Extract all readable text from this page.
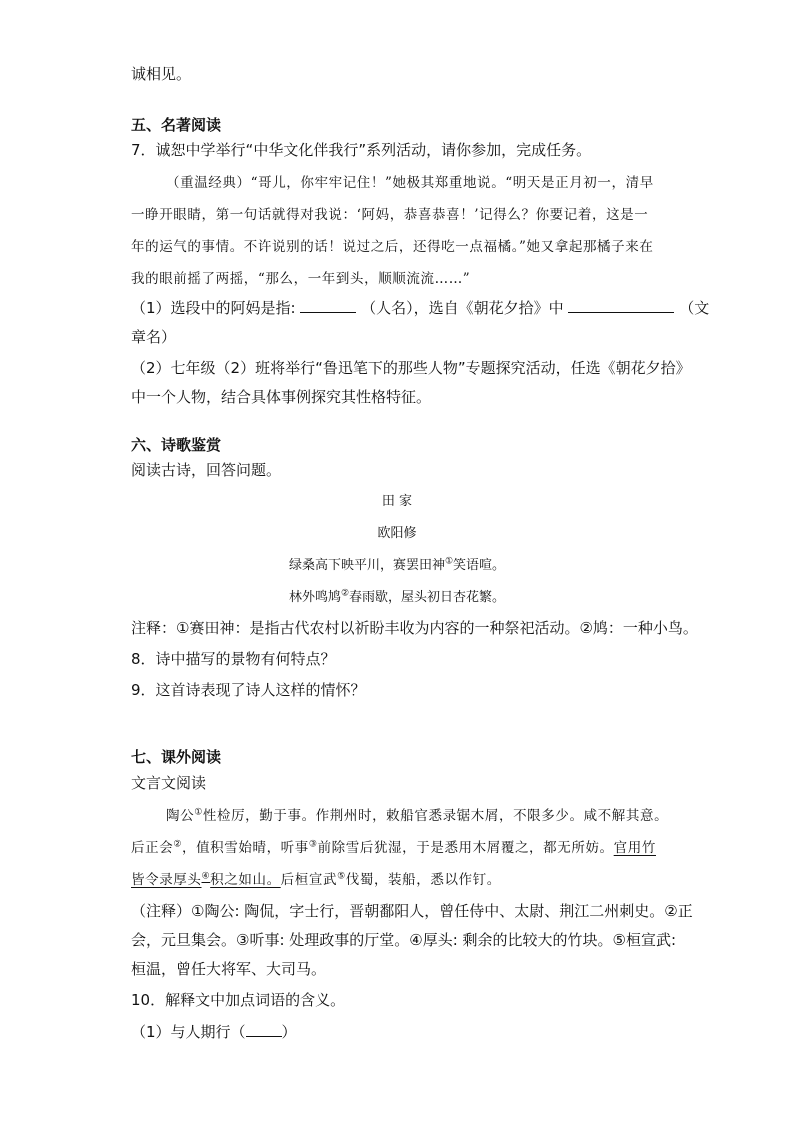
诚相见。
五、名著阅读
7．诚恕中学举行“中华文化伴我行”系列活动，请你参加，完成任务。
（重温经典）“哥儿，你牢牢记住！”她极其郑重地说。“明天是正月初一，清早
一睁开眼睛，第一句话就得对我说：‘阿妈，恭喜恭喜！’记得么？你要记着，这是一
年的运气的事情。不许说别的话！说过之后，还得吃一点福橘。”她又拿起那橘子来在
我的眼前摇了两摇，“那么，一年到头，顺顺流流……”
（1）选段中的阿妈是指:	（人名），选自《朝花夕拾》中	（文
章名）
（2）七年级（2）班将举行“鲁迅笔下的那些人物”专题探究活动，任选《朝花夕拾》
中一个人物，结合具体事例探究其性格特征。
六、诗歌鉴赏
阅读古诗，回答问题。
田 家
欧阳修
绿桑高下映平川，赛罢田神①笑语喧。
林外鸣鸠②春雨歇，屋头初日杏花繁。
注释：①赛田神：是指古代农村以祈盼丰收为内容的一种祭祀活动。②鸠：一种小鸟。
8．诗中描写的景物有何特点？
9．这首诗表现了诗人这样的情怀？
七、课外阅读
文言文阅读
陶公①性检厉，勤于事。作荆州时，敕船官悉录锯木屑，不限多少。咸不解其意。
后正会②，值积雪始晴，听事③前除雪后犹湿，于是悉用木屑覆之，都无所妨。官用竹
皆令录厚头④积之如山。后桓宣武⑤伐蜀，装船，悉以作钉。
（注释）①陶公: 陶侃，字士行，晋朝鄱阳人，曾任侍中、太尉、荆江二州刺史。②正
会，元旦集会。③听事: 处理政事的厅堂。④厚头: 剩余的比较大的竹块。⑤桓宣武:
桓温，曾任大将军、大司马。
10．解释文中加点词语的含义。
（1）与人期行（ ）
